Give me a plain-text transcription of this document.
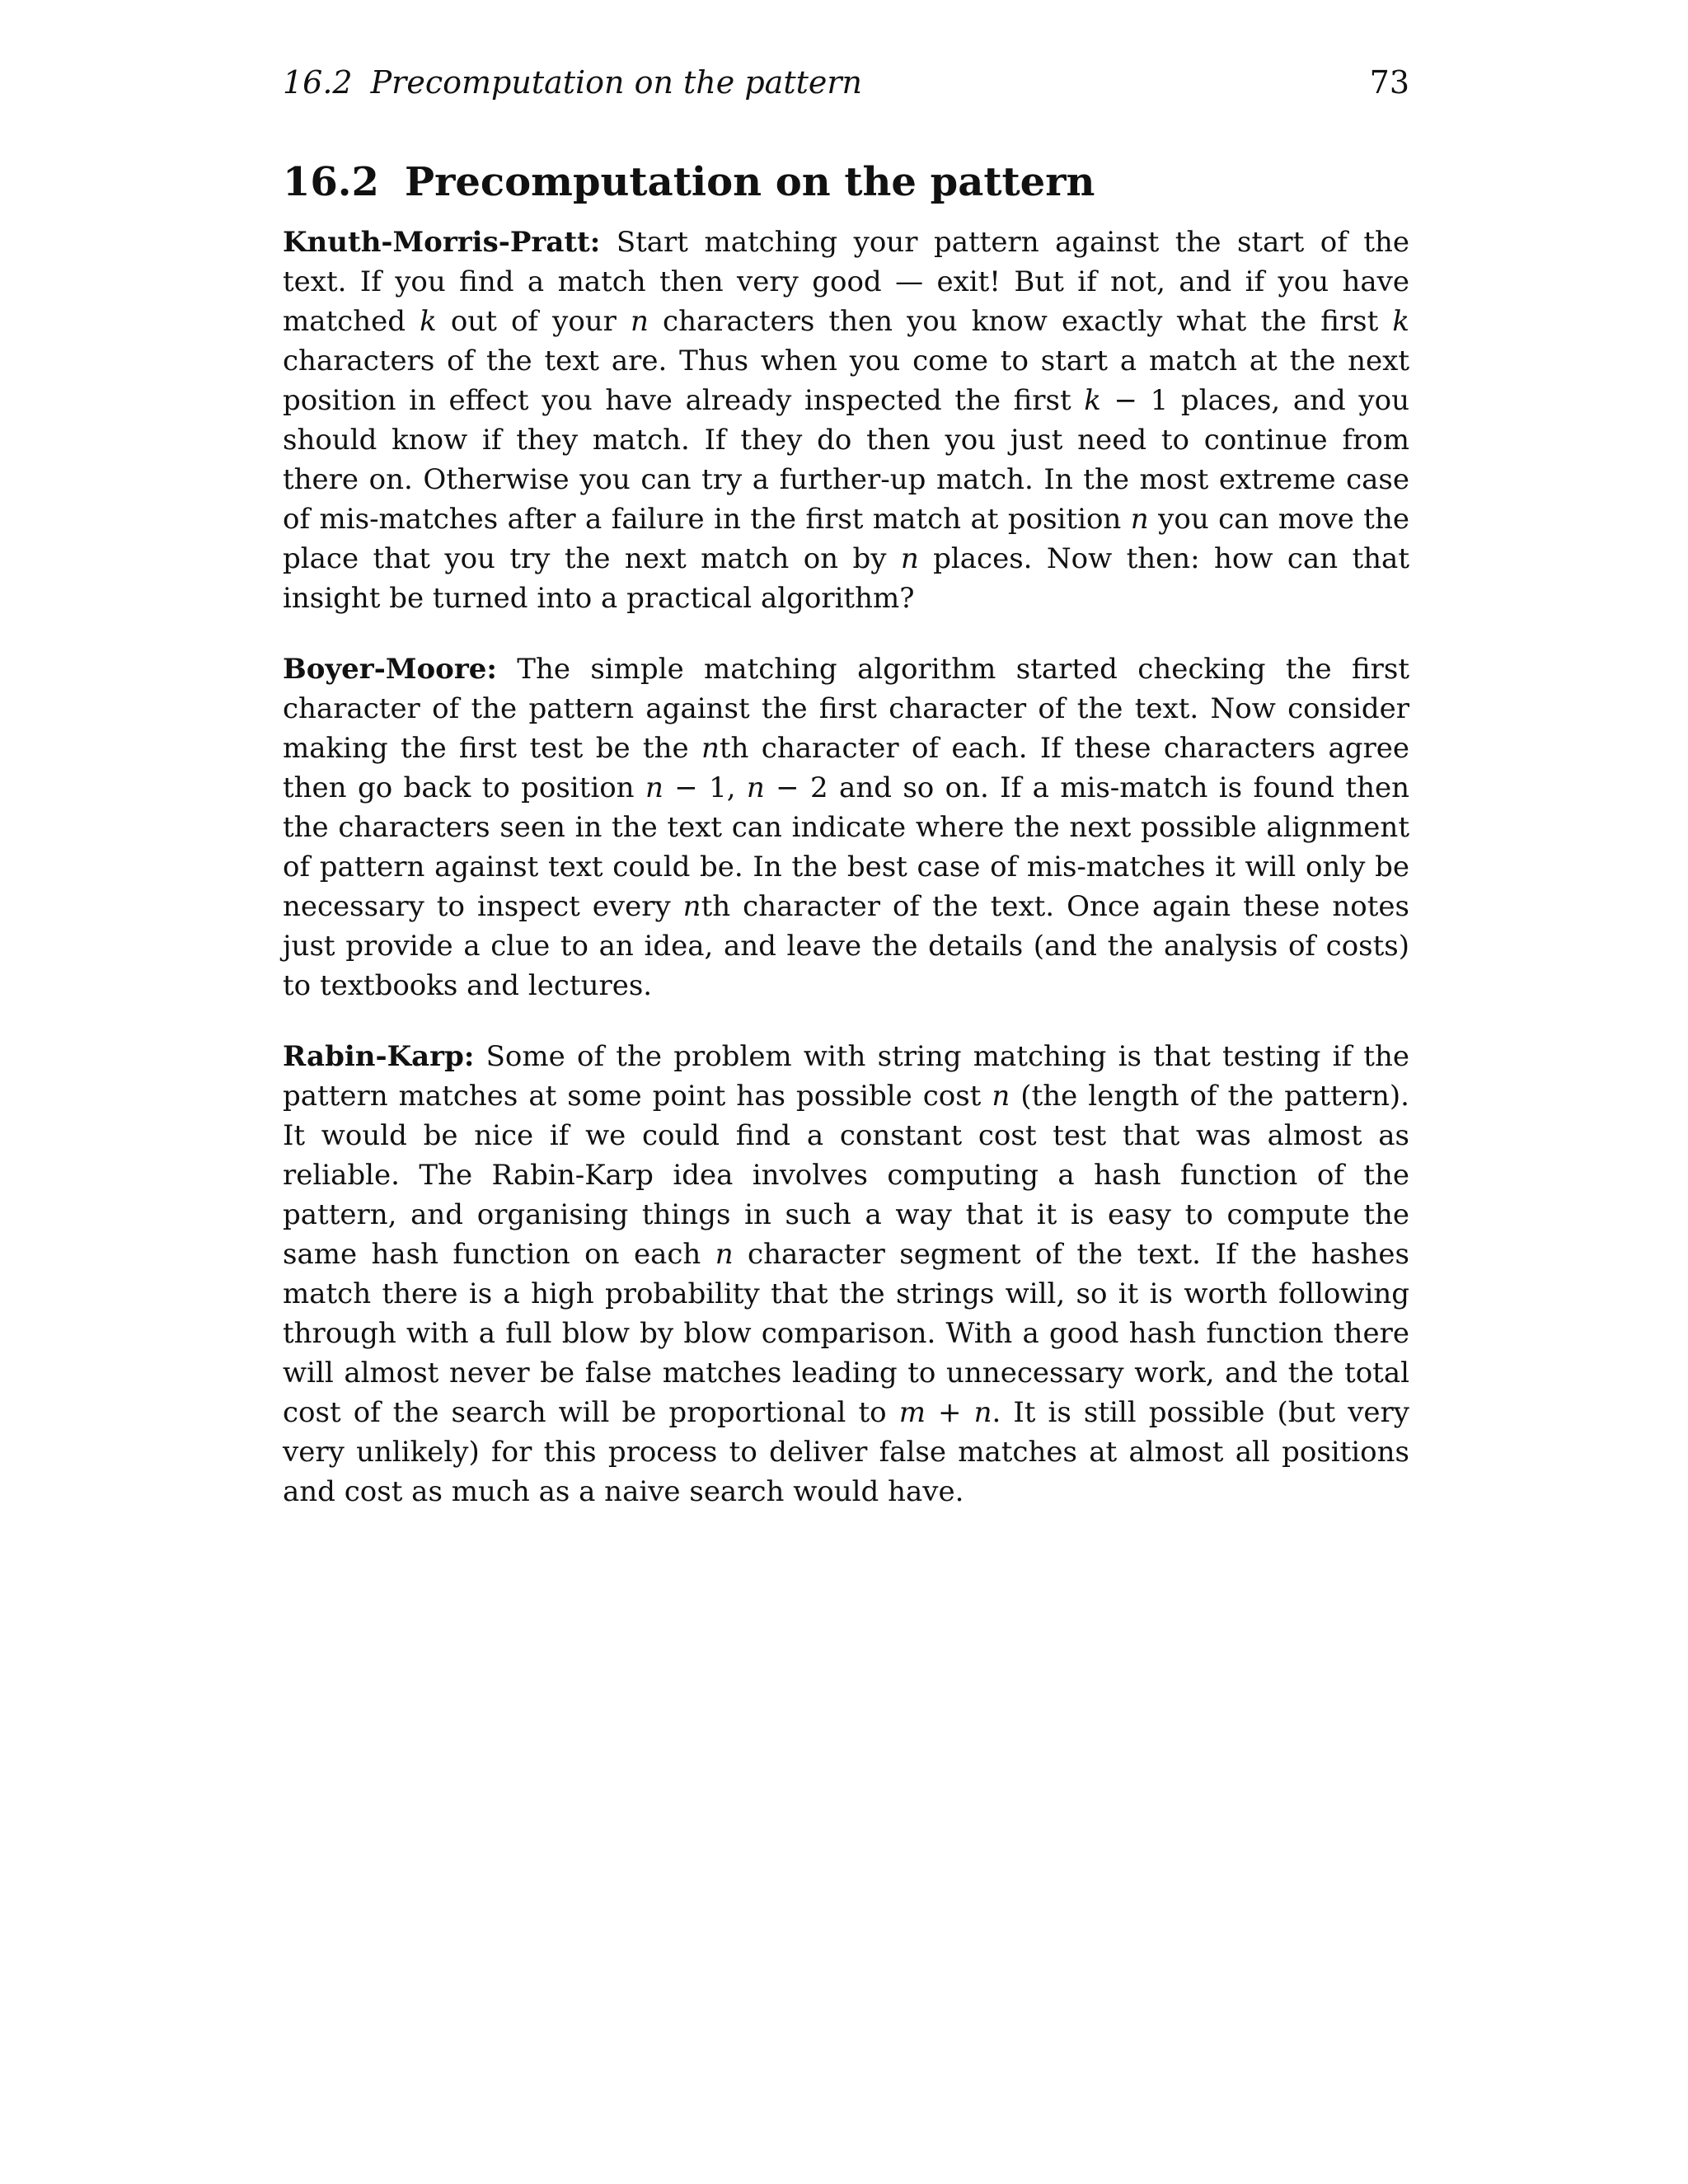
16.2 Precomputation on the pattern	73
16.2 Precomputation on the pattern

Knuth-Morris-Pratt: Start matching your pattern against the start of the text. If you find a match then very good — exit! But if not, and if you have matched k out of your n characters then you know exactly what the first k characters of the text are. Thus when you come to start a match at the next position in effect you have already inspected the first k − 1 places, and you should know if they match. If they do then you just need to continue from there on. Otherwise you can try a further-up match. In the most extreme case of mis-matches after a failure in the first match at position n you can move the place that you try the next match on by n places. Now then: how can that insight be turned into a practical algorithm?

Boyer-Moore: The simple matching algorithm started checking the first character of the pattern against the first character of the text. Now consider making the first test be the nth character of each. If these characters agree then go back to position n − 1, n − 2 and so on. If a mis-match is found then the characters seen in the text can indicate where the next possible alignment of pattern against text could be. In the best case of mis-matches it will only be necessary to inspect every nth character of the text. Once again these notes just provide a clue to an idea, and leave the details (and the analysis of costs) to textbooks and lectures.

Rabin-Karp: Some of the problem with string matching is that testing if the pattern matches at some point has possible cost n (the length of the pattern). It would be nice if we could find a constant cost test that was almost as reliable. The Rabin-Karp idea involves computing a hash function of the pattern, and organising things in such a way that it is easy to compute the same hash function on each n character segment of the text. If the hashes match there is a high probability that the strings will, so it is worth following through with a full blow by blow comparison. With a good hash function there will almost never be false matches leading to unnecessary work, and the total cost of the search will be proportional to m + n. It is still possible (but very very unlikely) for this process to deliver false matches at almost all positions and cost as much as a naive search would have.
